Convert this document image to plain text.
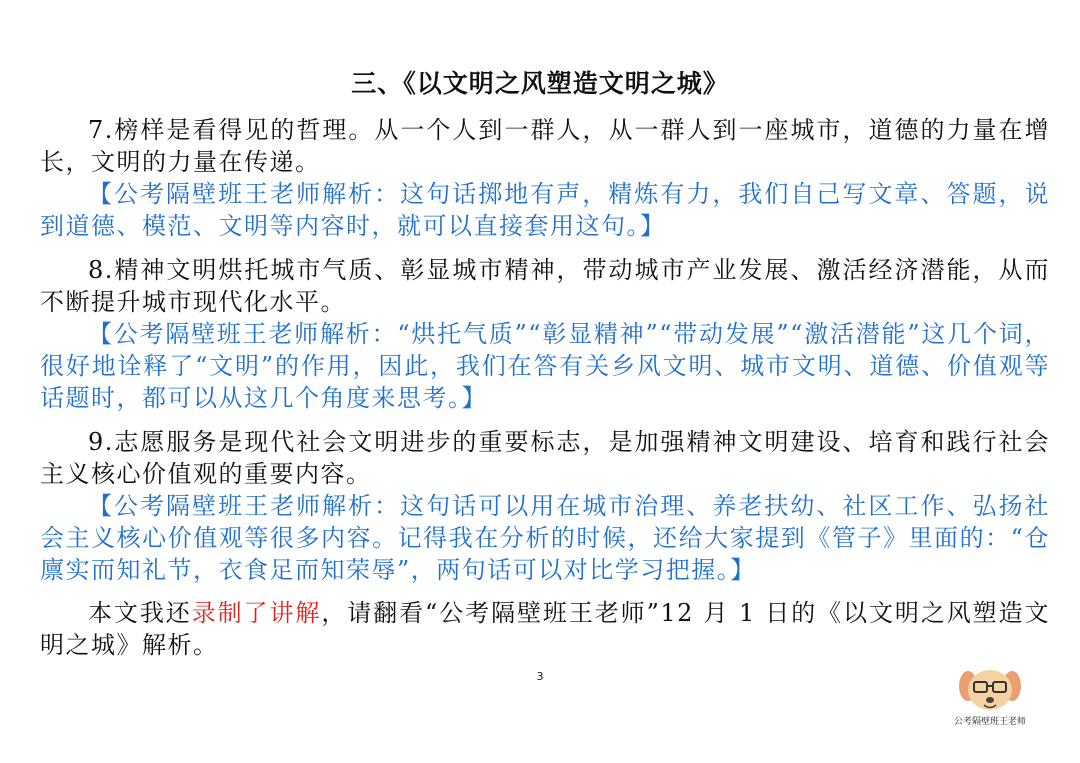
三、《以文明之风塑造文明之城》

7.榜样是看得见的哲理。从一个人到一群人，从一群人到一座城市，道德的力量在增长，文明的力量在传递。

【公考隔壁班王老师解析：这句话掷地有声，精炼有力，我们自己写文章、答题，说到道德、模范、文明等内容时，就可以直接套用这句。】

8.精神文明烘托城市气质、彰显城市精神，带动城市产业发展、激活经济潜能，从而不断提升城市现代化水平。

【公考隔壁班王老师解析：“烘托气质”“彰显精神”“带动发展”“激活潜能”这几个词，很好地诠释了“文明”的作用，因此，我们在答有关乡风文明、城市文明、道德、价值观等话题时，都可以从这几个角度来思考。】

9.志愿服务是现代社会文明进步的重要标志，是加强精神文明建设、培育和践行社会主义核心价值观的重要内容。

【公考隔壁班王老师解析：这句话可以用在城市治理、养老扶幼、社区工作、弘扬社会主义核心价值观等很多内容。记得我在分析的时候，还给大家提到《管子》里面的：“仓廪实而知礼节，衣食足而知荣辱”，两句话可以对比学习把握。】

本文我还录制了讲解，请翻看“公考隔壁班王老师”12 月 1 日的《以文明之风塑造文明之城》解析。

3
公考隔壁班王老师
